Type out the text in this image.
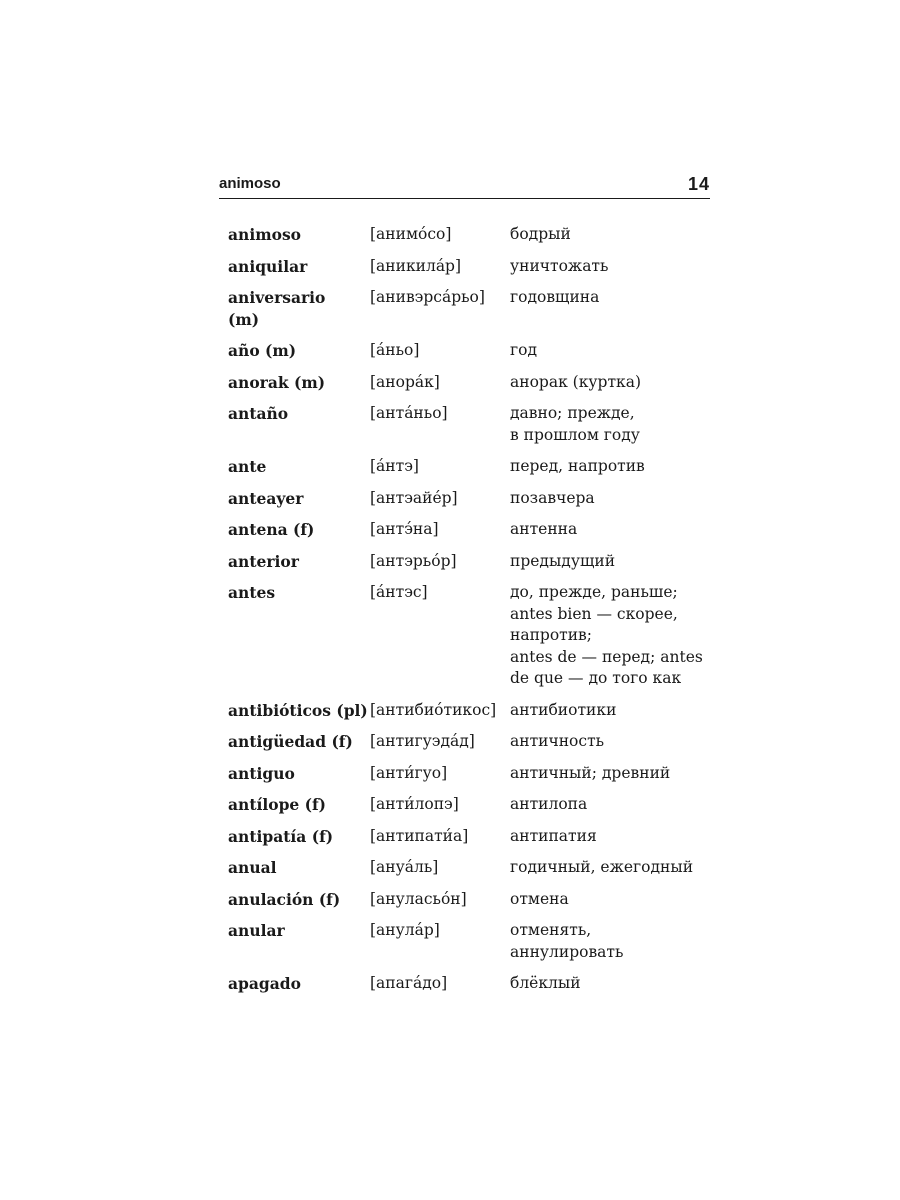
animoso	14
animoso	[анимо́со]	бодрый
aniquilar	[аникила́р]	уничтожать
aniversario
(m)
[анивэрса́рьо]	годовщина
año (m)	[а́ньо]	год
anorak (m)	[анора́к]	анорак (куртка)
antaño	[анта́ньо]	давно; прежде,
в прошлом году
ante	[а́нтэ]	перед, напротив
anteayer	[антэайе́р]	позавчера
antena (f)	[антэ́на]	антенна
anterior	[антэрьо́р]	предыдущий
antes	[а́нтэс]	до, прежде, раньше;
antes bien — скорее,
напротив;
antes de — перед; antes
de que — до того как
antibióticos (pl) [антибио́тикос] антибиотики
antigüedad (f)	[антигуэда́д]	античность
antiguo	[анти́гуо]	античный; древний
antílope (f)	[анти́лопэ]	антилопа
antipatía (f)	[антипати́а]	антипатия
anual	[ануа́ль]	годичный, ежегодный
anulación (f)	[ануласьо́н]	отмена
anular	[анула́р]	отменять,
аннулировать
apagado	[апага́до]	блёклый
